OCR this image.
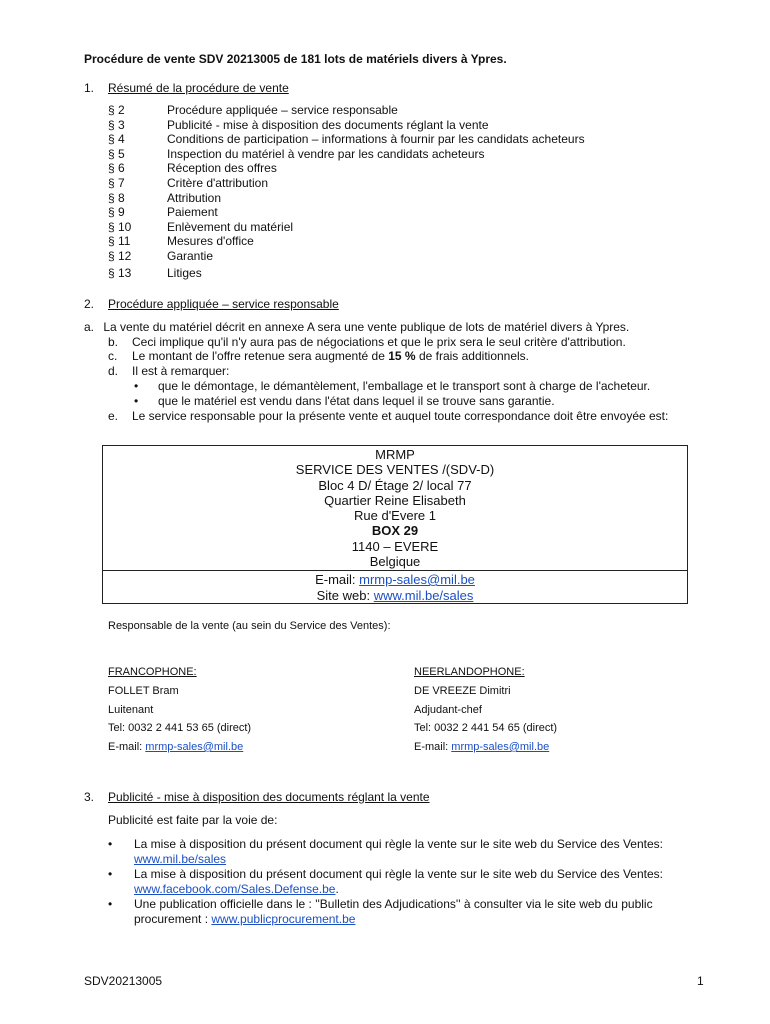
Procédure de vente SDV 20213005 de 181 lots de matériels divers à Ypres.
1. Résumé de la procédure de vente
§ 2	Procédure appliquée – service responsable
§ 3	Publicité - mise à disposition des documents réglant la vente
§ 4	Conditions de participation – informations à fournir par les candidats acheteurs
§ 5	Inspection du matériel à vendre par les candidats acheteurs
§ 6	Réception des offres
§ 7	Critère d'attribution
§ 8	Attribution
§ 9	Paiement
§ 10	Enlèvement du matériel
§ 11	Mesures d'office
§ 12	Garantie
§ 13	Litiges
2. Procédure appliquée – service responsable
a. La vente du matériel décrit en annexe A sera une vente publique de lots de matériel divers à Ypres.
b. Ceci implique qu'il n'y aura pas de négociations et que le prix sera le seul critère d'attribution.
c. Le montant de l'offre retenue sera augmenté de 15 % de frais additionnels.
d. Il est à remarquer:
• que le démontage, le démantèlement, l'emballage et le transport sont à charge de l'acheteur.
• que le matériel est vendu dans l'état dans lequel il se trouve sans garantie.
e. Le service responsable pour la présente vente et auquel toute correspondance doit être envoyée est:
MRMP
SERVICE DES VENTES /(SDV-D)
Bloc 4 D/ Étage 2/ local 77
Quartier Reine Elisabeth
Rue d'Evere 1
BOX 29
1140 – EVERE
Belgique
E-mail: mrmp-sales@mil.be
Site web: www.mil.be/sales
Responsable de la vente (au sein du Service des Ventes):
FRANCOPHONE:
FOLLET Bram
Luitenant
Tel: 0032 2 441 53 65 (direct)
E-mail: mrmp-sales@mil.be
NEERLANDOPHONE:
DE VREEZE Dimitri
Adjudant-chef
Tel: 0032 2 441 54 65 (direct)
E-mail: mrmp-sales@mil.be
3. Publicité - mise à disposition des documents réglant la vente
Publicité est faite par la voie de:
• La mise à disposition du présent document qui règle la vente sur le site web du Service des Ventes:
www.mil.be/sales
• La mise à disposition du présent document qui règle la vente sur le site web du Service des Ventes:
www.facebook.com/Sales.Defense.be.
• Une publication officielle dans le : ''Bulletin des Adjudications'' à consulter via le site web du public
procurement : www.publicprocurement.be
SDV20213005	1
